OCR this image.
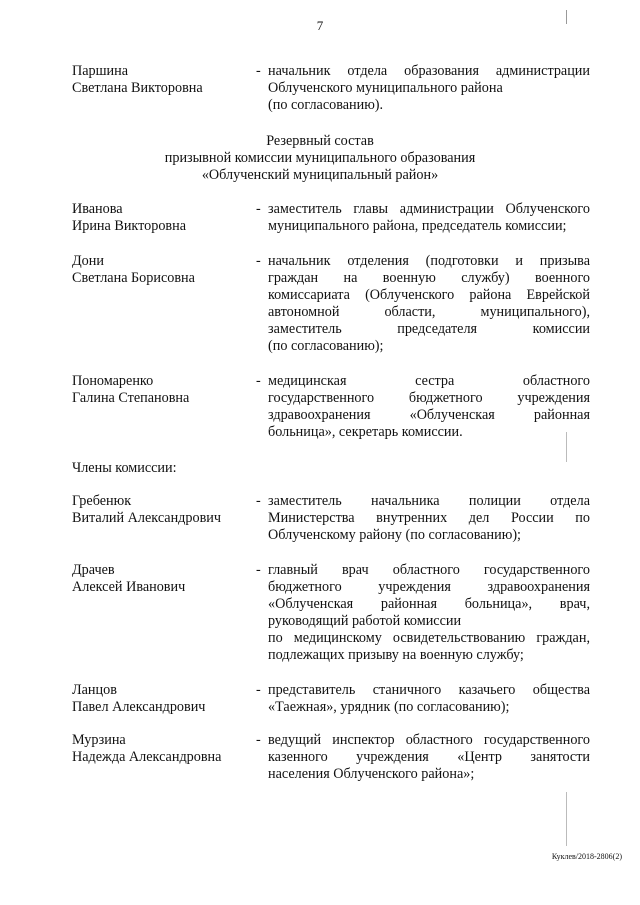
7
Паршина
Светлана Викторовна
- начальник отдела образования администрации
Облученского муниципального района
(по согласованию).
Резервный состав
призывной комиссии муниципального образования
«Облученский муниципальный район»
Иванова
Ирина Викторовна
- заместитель главы администрации Облученского
муниципального района, председатель комиссии;
Дони
Светлана Борисовна
- начальник отделения (подготовки и призыва
граждан на военную службу) военного
комиссариата (Облученского района Еврейской
автономной области, муниципального),
заместитель председателя комиссии
(по согласованию);
Пономаренко
Галина Степановна
- медицинская сестра областного
государственного бюджетного учреждения
здравоохранения «Облученская районная
больница», секретарь комиссии.
Члены комиссии:
Гребенюк
Виталий Александрович
- заместитель начальника полиции отдела
Министерства внутренних дел России по
Облученскому району (по согласованию);
Драчев
Алексей Иванович
- главный врач областного государственного
бюджетного учреждения здравоохранения
«Облученская районная больница», врач,
руководящий работой комиссии
по медицинскому освидетельствованию граждан,
подлежащих призыву на военную службу;
Ланцов
Павел Александрович
- представитель станичного казачьего общества
«Таежная», урядник (по согласованию);
Мурзина
Надежда Александровна
- ведущий инспектор областного государственного
казенного учреждения «Центр занятости
населения Облученского района»;
Куклев/2018-2806(2)
